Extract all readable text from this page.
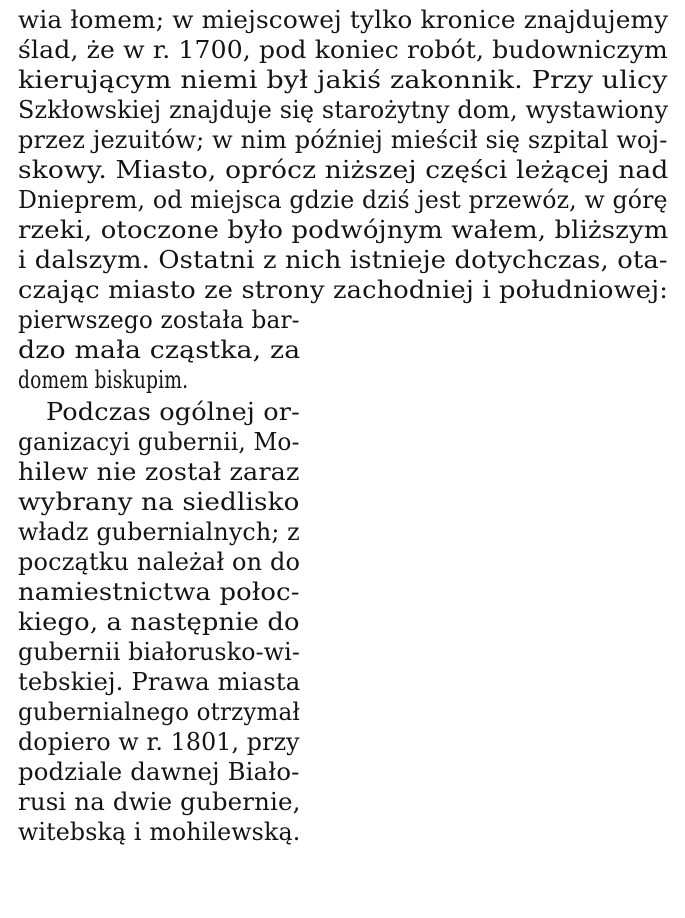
wia łomem; w miejscowej tylko kronice znajdujemy
ślad, że w r. 1700, pod koniec robót, budowniczym
kierującym niemi był jakiś zakonnik. Przy ulicy
Szkłowskiej znajduje się starożytny dom, wystawiony
przez jezuitów; w nim później mieścił się szpital woj-
skowy. Miasto, oprócz niższej części leżącej nad
Dnieprem, od miejsca gdzie dziś jest przewóz, w górę
rzeki, otoczone było podwójnym wałem, bliższym
i dalszym. Ostatni z nich istnieje dotychczas, ota-
czając miasto ze strony zachodniej i południowej:
pierwszego została bar-
dzo mała cząstka, za
domem biskupim.
Podczas ogólnej or-
ganizacyi gubernii, Mo-
hilew nie został zaraz
wybrany na siedlisko
władz gubernialnych; z
początku należał on do
namiestnictwa połoc-
kiego, a następnie do
gubernii białorusko-wi-
tebskiej. Prawa miasta
gubernialnego otrzymał
dopiero w r. 1801, przy
podziale dawnej Biało-
rusi na dwie gubernie,
witebską i mohilewską.
